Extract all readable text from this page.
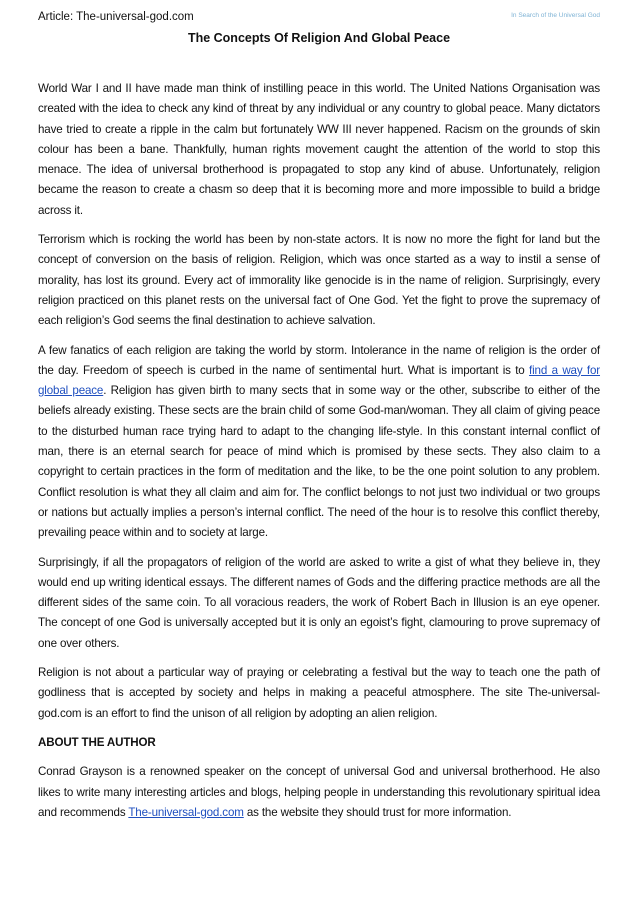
Article: The-universal-god.com	In Search of the Universal God
The Concepts Of Religion And Global Peace

World War I and II have made man think of instilling peace in this world. The United Nations Organisation was created with the idea to check any kind of threat by any individual or any country to global peace. Many dictators have tried to create a ripple in the calm but fortunately WW III never happened. Racism on the grounds of skin colour has been a bane. Thankfully, human rights movement caught the attention of the world to stop this menace. The idea of universal brotherhood is propagated to stop any kind of abuse. Unfortunately, religion became the reason to create a chasm so deep that it is becoming more and more impossible to build a bridge across it.

Terrorism which is rocking the world has been by non-state actors. It is now no more the fight for land but the concept of conversion on the basis of religion. Religion, which was once started as a way to instil a sense of morality, has lost its ground. Every act of immorality like genocide is in the name of religion. Surprisingly, every religion practiced on this planet rests on the universal fact of One God. Yet the fight to prove the supremacy of each religion’s God seems the final destination to achieve salvation.

A few fanatics of each religion are taking the world by storm. Intolerance in the name of religion is the order of the day. Freedom of speech is curbed in the name of sentimental hurt. What is important is to find a way for global peace. Religion has given birth to many sects that in some way or the other, subscribe to either of the beliefs already existing. These sects are the brain child of some God-man/woman. They all claim of giving peace to the disturbed human race trying hard to adapt to the changing life-style. In this constant internal conflict of man, there is an eternal search for peace of mind which is promised by these sects. They also claim to a copyright to certain practices in the form of meditation and the like, to be the one point solution to any problem. Conflict resolution is what they all claim and aim for. The conflict belongs to not just two individual or two groups or nations but actually implies a person’s internal conflict. The need of the hour is to resolve this conflict thereby, prevailing peace within and to society at large.

Surprisingly, if all the propagators of religion of the world are asked to write a gist of what they believe in, they would end up writing identical essays. The different names of Gods and the differing practice methods are all the different sides of the same coin. To all voracious readers, the work of Robert Bach in Illusion is an eye opener. The concept of one God is universally accepted but it is only an egoist’s fight, clamouring to prove supremacy of one over others.

Religion is not about a particular way of praying or celebrating a festival but the way to teach one the path of godliness that is accepted by society and helps in making a peaceful atmosphere. The site The-universal-god.com is an effort to find the unison of all religion by adopting an alien religion.

ABOUT THE AUTHOR

Conrad Grayson is a renowned speaker on the concept of universal God and universal brotherhood. He also likes to write many interesting articles and blogs, helping people in understanding this revolutionary spiritual idea and recommends The-universal-god.com as the website they should trust for more information.
